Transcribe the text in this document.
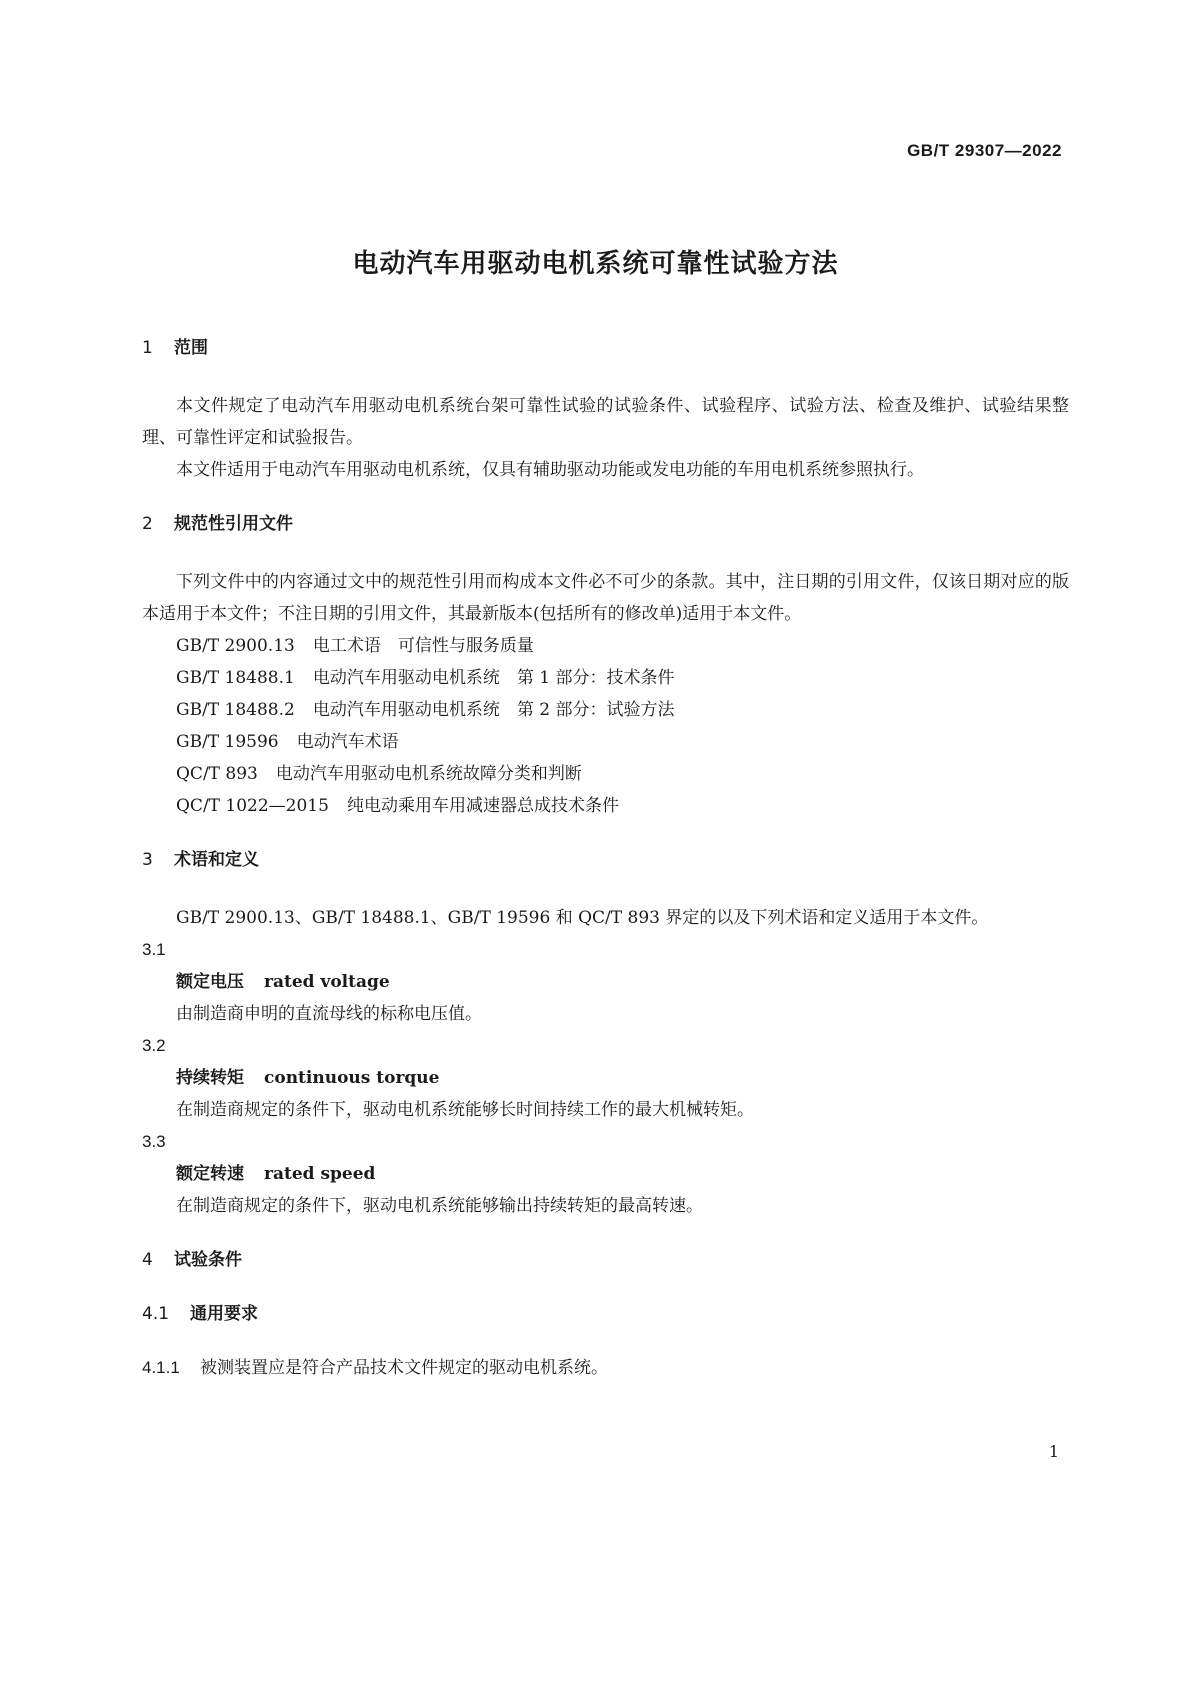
GB/T 29307—2022
电动汽车用驱动电机系统可靠性试验方法
1 范围

本文件规定了电动汽车用驱动电机系统台架可靠性试验的试验条件、试验程序、试验方法、检查及维护、试验结果整理、可靠性评定和试验报告。

本文件适用于电动汽车用驱动电机系统，仅具有辅助驱动功能或发电功能的车用电机系统参照执行。

2 规范性引用文件

下列文件中的内容通过文中的规范性引用而构成本文件必不可少的条款。其中，注日期的引用文件，仅该日期对应的版本适用于本文件；不注日期的引用文件，其最新版本(包括所有的修改单)适用于本文件。

GB/T 2900.13 电工术语　可信性与服务质量

GB/T 18488.1 电动汽车用驱动电机系统　第 1 部分：技术条件

GB/T 18488.2 电动汽车用驱动电机系统　第 2 部分：试验方法

GB/T 19596 电动汽车术语

QC/T 893 电动汽车用驱动电机系统故障分类和判断

QC/T 1022—2015 纯电动乘用车用减速器总成技术条件

3 术语和定义

GB/T 2900.13、GB/T 18488.1、GB/T 19596 和 QC/T 893 界定的以及下列术语和定义适用于本文件。

3.1

额定电压 rated voltage

由制造商申明的直流母线的标称电压值。

3.2

持续转矩 continuous torque

在制造商规定的条件下，驱动电机系统能够长时间持续工作的最大机械转矩。

3.3

额定转速 rated speed

在制造商规定的条件下，驱动电机系统能够输出持续转矩的最高转速。

4 试验条件
4.1 通用要求

4.1.1 被测装置应是符合产品技术文件规定的驱动电机系统。

1
